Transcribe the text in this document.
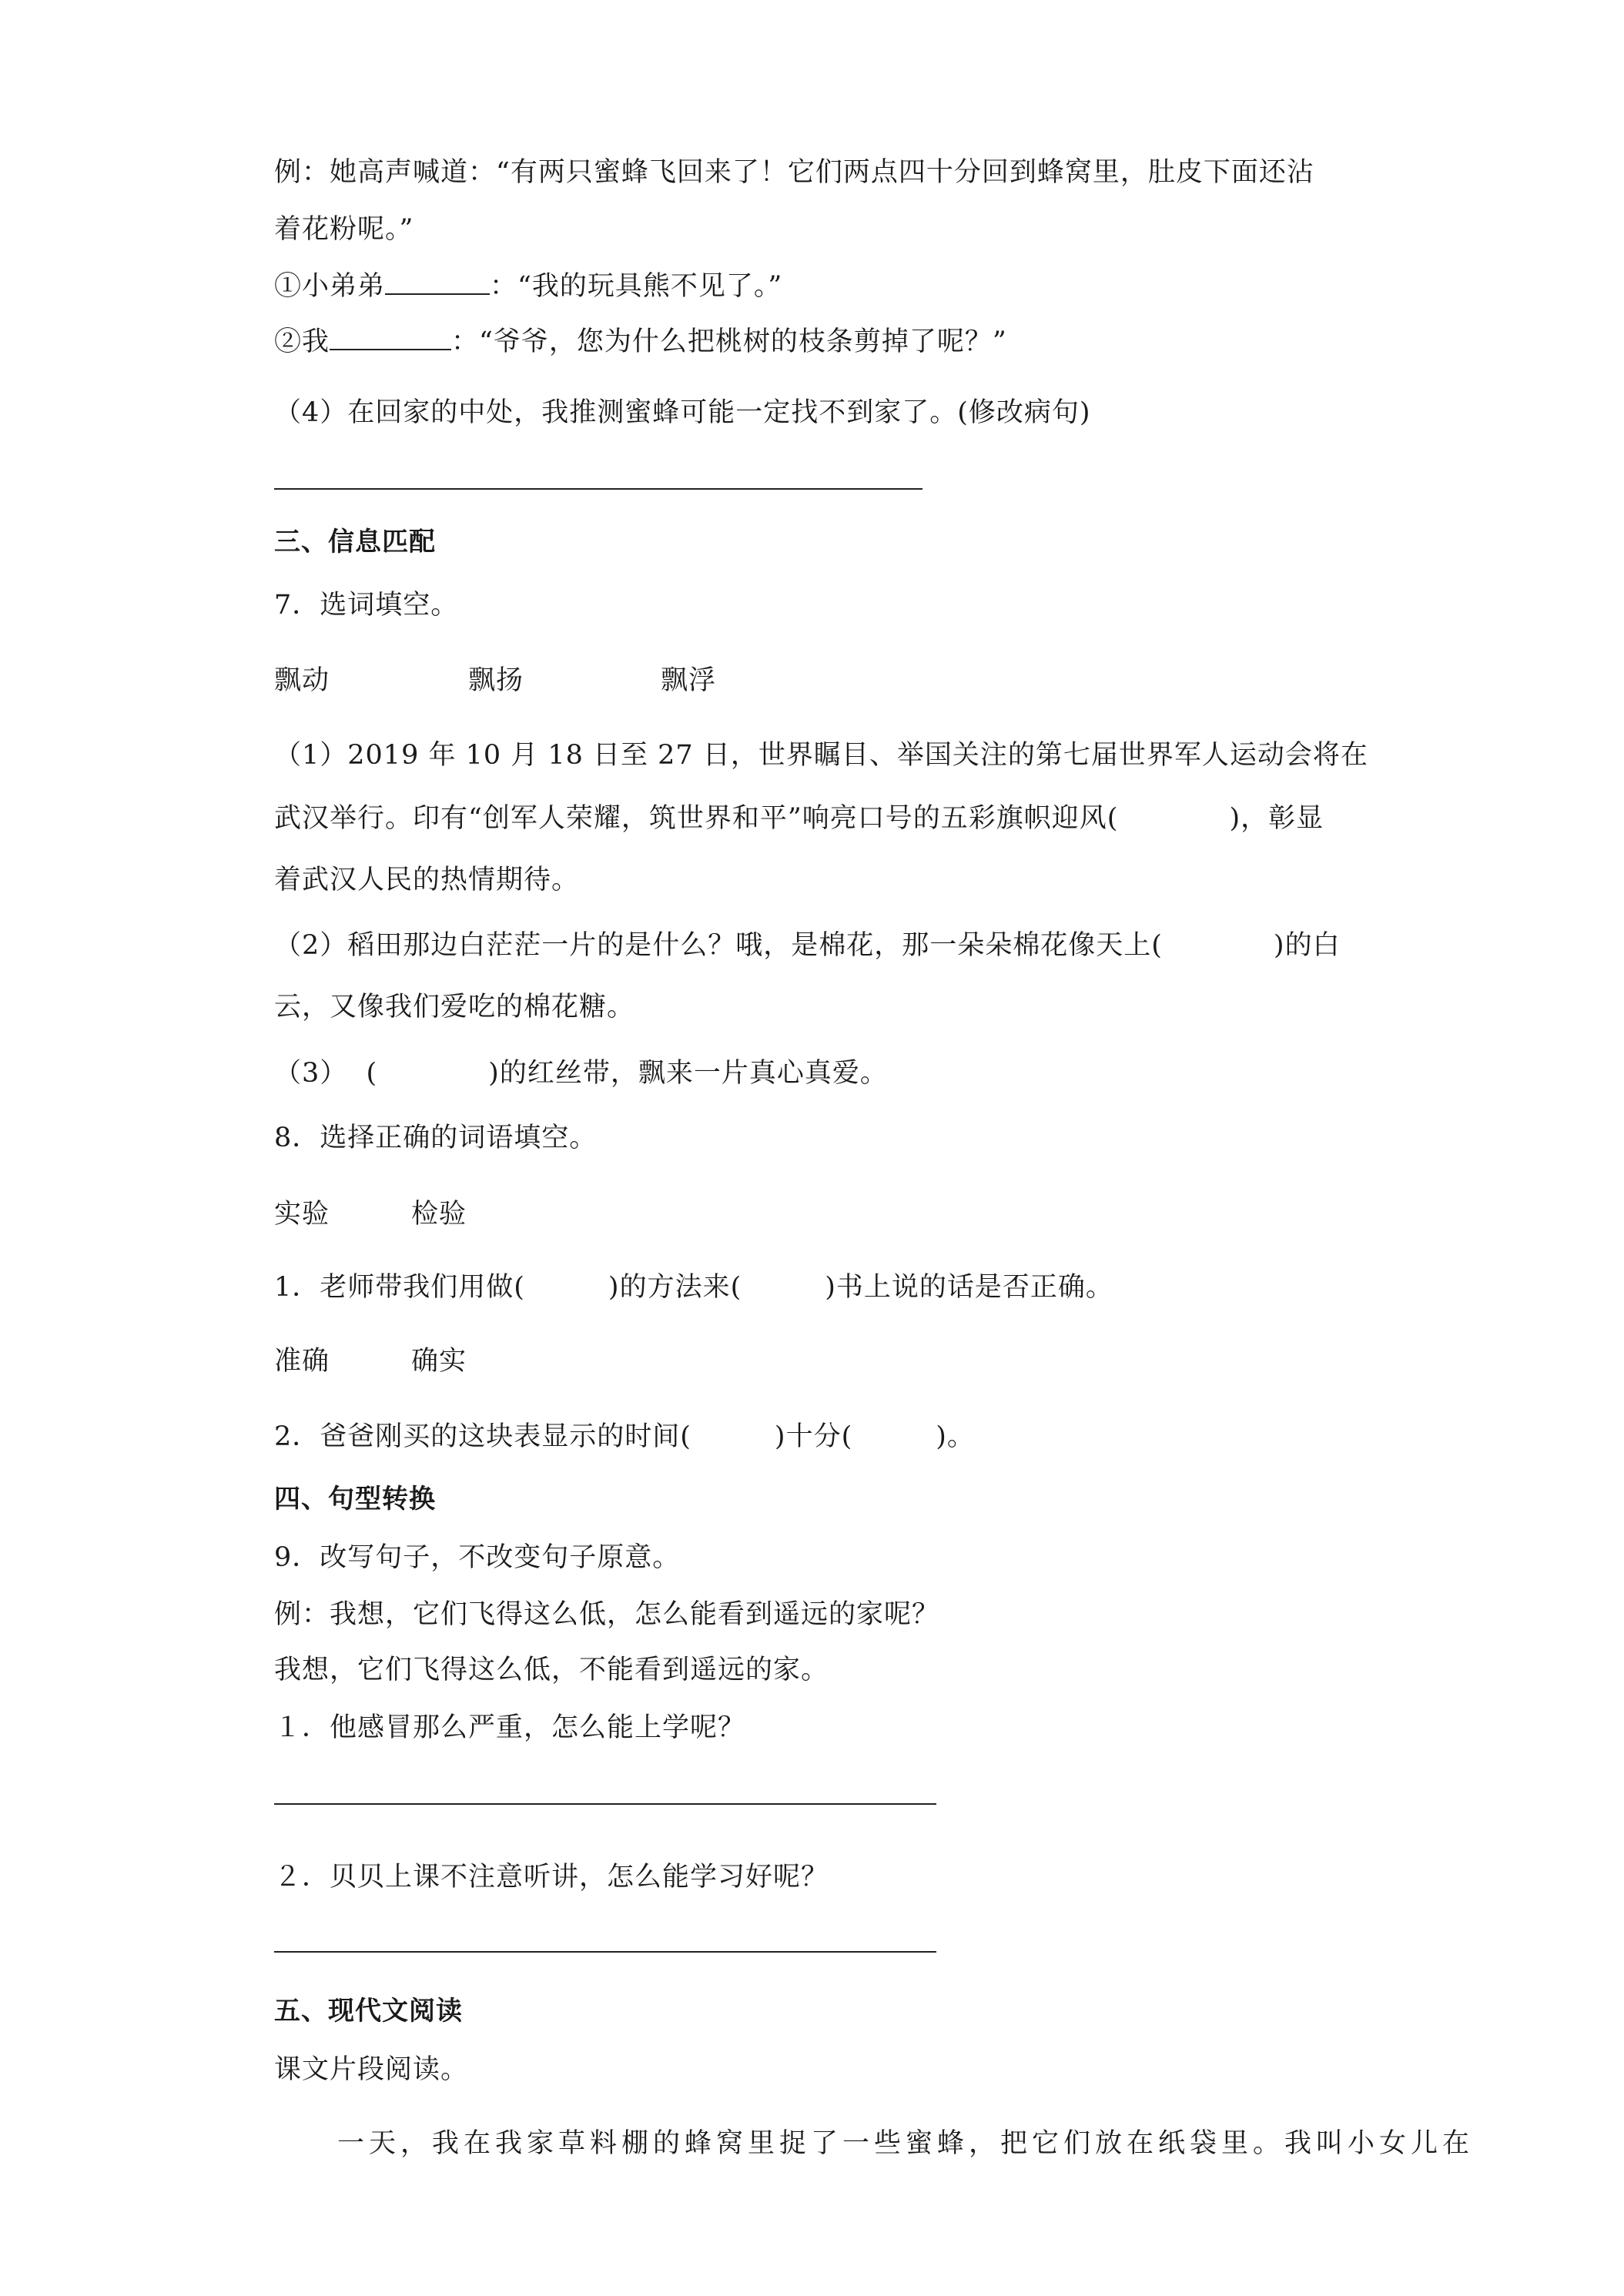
例：她高声喊道：“有两只蜜蜂飞回来了！它们两点四十分回到蜂窝里，肚皮下面还沾
着花粉呢。”
①小弟弟	：“我的玩具熊不见了。”
②我	：“爷爷，您为什么把桃树的枝条剪掉了呢？”
（4）在回家的中处，我推测蜜蜂可能一定找不到家了。(修改病句)
三、信息匹配
7．选词填空。
飘动	飘扬	飘浮
（1）2019 年 10 月 18 日至 27 日，世界瞩目、举国关注的第七届世界军人运动会将在
武汉举行。印有“创军人荣耀，筑世界和平”响亮口号的五彩旗帜迎风(　　　　)，彰显
着武汉人民的热情期待。
（2）稻田那边白茫茫一片的是什么？哦，是棉花，那一朵朵棉花像天上(　　　　)的白
云，又像我们爱吃的棉花糖。
（3）  (　　　　)的红丝带，飘来一片真心真爱。
8．选择正确的词语填空。
实验	检验
1．老师带我们用做(　　　)的方法来(　　　)书上说的话是否正确。
准确	确实
2．爸爸刚买的这块表显示的时间(　　　)十分(　　　)。
四、句型转换
9．改写句子，不改变句子原意。
例：我想，它们飞得这么低，怎么能看到遥远的家呢？
我想，它们飞得这么低，不能看到遥远的家。
１．他感冒那么严重，怎么能上学呢？
２．贝贝上课不注意听讲，怎么能学习好呢？
五、现代文阅读
课文片段阅读。
　　一天，我在我家草料棚的蜂窝里捉了一些蜜蜂，把它们放在纸袋里。我叫小女儿在
